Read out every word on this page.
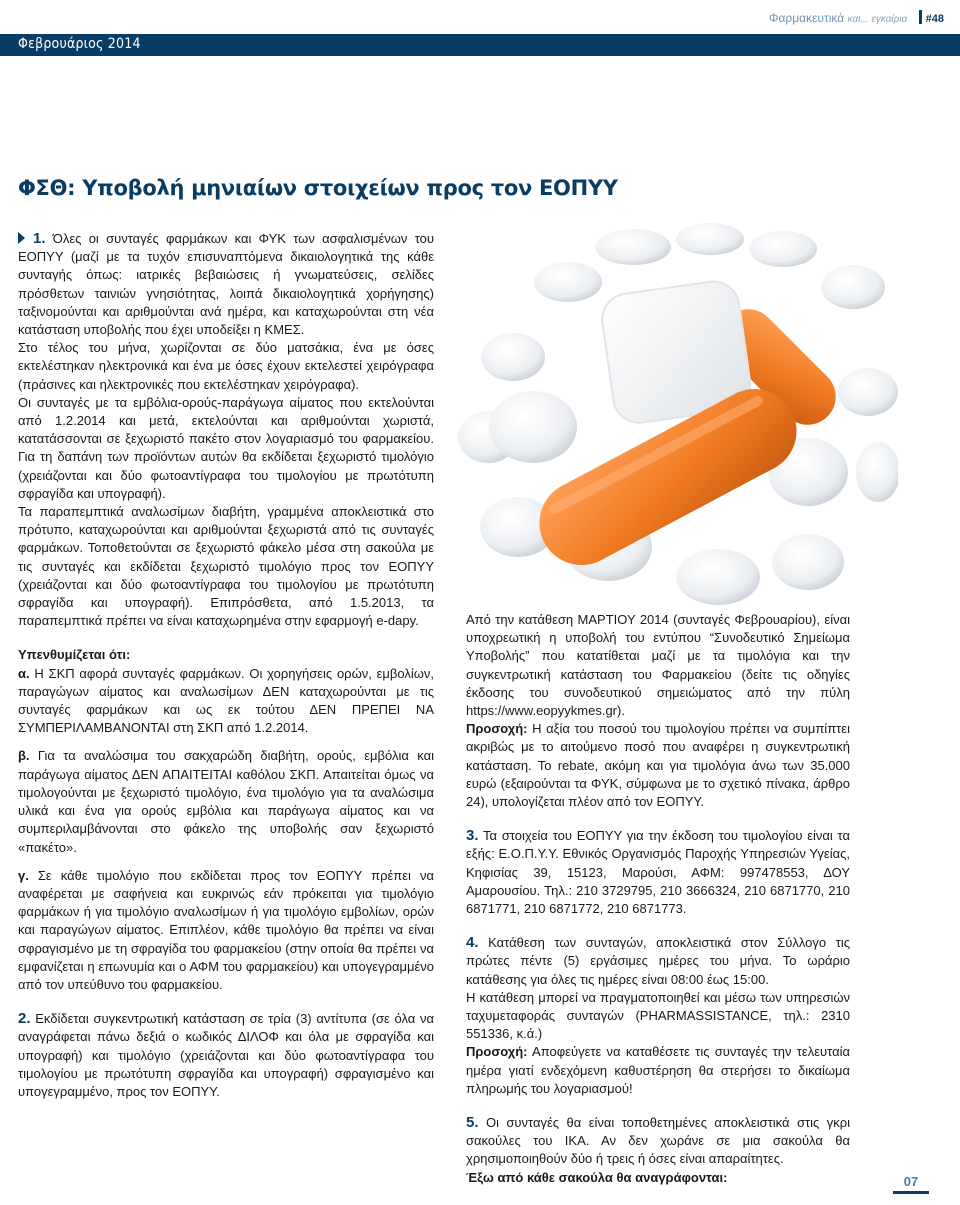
Φαρμακευτικά και... εγκαίρια #48
Φεβρουάριος 2014
ΦΣΘ: Υποβολή μηνιαίων στοιχείων προς τον ΕΟΠΥΥ

1. Όλες οι συνταγές φαρμάκων και ΦΥΚ των ασφαλισμένων του ΕΟΠΥΥ (μαζί με τα τυχόν επισυναπτόμενα δικαιολογητικά της κάθε συνταγής όπως: ιατρικές βεβαιώσεις ή γνωματεύσεις, σελίδες πρόσθετων ταινιών γνησιότητας, λοιπά δικαιολογητικά χορήγησης) ταξινομούνται και αριθμούνται ανά ημέρα, και καταχωρούνται στη νέα κατάσταση υποβολής που έχει υποδείξει η ΚΜΕΣ.

Στο τέλος του μήνα, χωρίζονται σε δύο ματσάκια, ένα με όσες εκτελέστηκαν ηλεκτρονικά και ένα με όσες έχουν εκτελεστεί χειρόγραφα (πράσινες και ηλεκτρονικές που εκτελέστηκαν χειρόγραφα).

Οι συνταγές με τα εμβόλια-ορούς-παράγωγα αίματος που εκτελούνται από 1.2.2014 και μετά, εκτελούνται και αριθμούνται χωριστά, κατατάσσονται σε ξεχωριστό πακέτο στον λογαριασμό του φαρμακείου. Για τη δαπάνη των προϊόντων αυτών θα εκδίδεται ξεχωριστό τιμολόγιο (χρειάζονται και δύο φωτοαντίγραφα του τιμολογίου με πρωτότυπη σφραγίδα και υπογραφή).

Τα παραπεμπτικά αναλωσίμων διαβήτη, γραμμένα αποκλειστικά στο πρότυπο, καταχωρούνται και αριθμούνται ξεχωριστά από τις συνταγές φαρμάκων. Τοποθετούνται σε ξεχωριστό φάκελο μέσα στη σακούλα με τις συνταγές και εκδίδεται ξεχωριστό τιμολόγιο προς τον ΕΟΠΥΥ (χρειάζονται και δύο φωτοαντίγραφα του τιμολογίου με πρωτότυπη σφραγίδα και υπογραφή). Επιπρόσθετα, από 1.5.2013, τα παραπεμπτικά πρέπει να είναι καταχωρημένα στην εφαρμογή e-dapy.

Υπενθυμίζεται ότι:

α. Η ΣΚΠ αφορά συνταγές φαρμάκων. Οι χορηγήσεις ορών, εμβολίων, παραγώγων αίματος και αναλωσίμων ΔΕΝ καταχωρούνται με τις συνταγές φαρμάκων και ως εκ τούτου ΔΕΝ ΠΡΕΠΕΙ ΝΑ ΣΥΜΠΕΡΙΛΑΜΒΑΝΟΝΤΑΙ στη ΣΚΠ από 1.2.2014.

β. Για τα αναλώσιμα του σακχαρώδη διαβήτη, ορούς, εμβόλια και παράγωγα αίματος ΔΕΝ ΑΠΑΙΤΕΙΤΑΙ καθόλου ΣΚΠ. Απαιτείται όμως να τιμολογούνται με ξεχωριστό τιμολόγιο, ένα τιμολόγιο για τα αναλώσιμα υλικά και ένα για ορούς εμβόλια και παράγωγα αίματος και να συμπεριλαμβάνονται στο φάκελο της υποβολής σαν ξεχωριστό «πακέτο».

γ. Σε κάθε τιμολόγιο που εκδίδεται προς τον ΕΟΠΥΥ πρέπει να αναφέρεται με σαφήνεια και ευκρινώς εάν πρόκειται για τιμολόγιο φαρμάκων ή για τιμολόγιο αναλωσίμων ή για τιμολόγιο εμβολίων, ορών και παραγώγων αίματος. Επιπλέον, κάθε τιμολόγιο θα πρέπει να είναι σφραγισμένο με τη σφραγίδα του φαρμακείου (στην οποία θα πρέπει να εμφανίζεται η επωνυμία και ο ΑΦΜ του φαρμακείου) και υπογεγραμμένο από τον υπεύθυνο του φαρμακείου.

2. Εκδίδεται συγκεντρωτική κατάσταση σε τρία (3) αντίτυπα (σε όλα να αναγράφεται πάνω δεξιά ο κωδικός ΔΙΛΟΦ και όλα με σφραγίδα και υπογραφή) και τιμολόγιο (χρειάζονται και δύο φωτοαντίγραφα του τιμολογίου με πρωτότυπη σφραγίδα και υπογραφή) σφραγισμένο και υπογεγραμμένο, προς τον ΕΟΠΥΥ.

Από την κατάθεση ΜΑΡΤΙΟΥ 2014 (συνταγές Φεβρουαρίου), είναι υποχρεωτική η υποβολή του εντύπου “Συνοδευτικό Σημείωμα Υποβολής” που κατατίθεται μαζί με τα τιμολόγια και την συγκεντρωτική κατάσταση του Φαρμακείου (δείτε τις οδηγίες έκδοσης του συνοδευτικού σημειώματος από την πύλη https://www.eopyykmes.gr).

Προσοχή: Η αξία του ποσού του τιμολογίου πρέπει να συμπίπτει ακριβώς με το αιτούμενο ποσό που αναφέρει η συγκεντρωτική κατάσταση. Το rebate, ακόμη και για τιμολόγια άνω των 35.000 ευρώ (εξαιρούνται τα ΦΥΚ, σύμφωνα με το σχετικό πίνακα, άρθρο 24), υπολογίζεται πλέον από τον ΕΟΠΥΥ.

3. Τα στοιχεία του ΕΟΠΥΥ για την έκδοση του τιμολογίου είναι τα εξής: Ε.Ο.Π.Υ.Υ. Εθνικός Οργανισμός Παροχής Υπηρεσιών Υγείας, Κηφισίας 39, 15123, Μαρούσι, ΑΦΜ: 997478553, ΔΟΥ Αμαρουσίου. Τηλ.: 210 3729795, 210 3666324, 210 6871770, 210 6871771, 210 6871772, 210 6871773.

4. Κατάθεση των συνταγών, αποκλειστικά στον Σύλλογο τις πρώτες πέντε (5) εργάσιμες ημέρες του μήνα. Το ωράριο κατάθεσης για όλες τις ημέρες είναι 08:00 έως 15:00.

Η κατάθεση μπορεί να πραγματοποιηθεί και μέσω των υπηρεσιών ταχυμεταφοράς συνταγών (PHARMASSISTANCE, τηλ.: 2310 551336, κ.ά.)

Προσοχή: Αποφεύγετε να καταθέσετε τις συνταγές την τελευταία ημέρα γιατί ενδεχόμενη καθυστέρηση θα στερήσει το δικαίωμα πληρωμής του λογαριασμού!

5. Οι συνταγές θα είναι τοποθετημένες αποκλειστικά στις γκρι σακούλες του ΙΚΑ. Αν δεν χωράνε σε μια σακούλα θα χρησιμοποιηθούν δύο ή τρεις ή όσες είναι απαραίτητες.

Έξω από κάθε σακούλα θα αναγράφονται:	07
